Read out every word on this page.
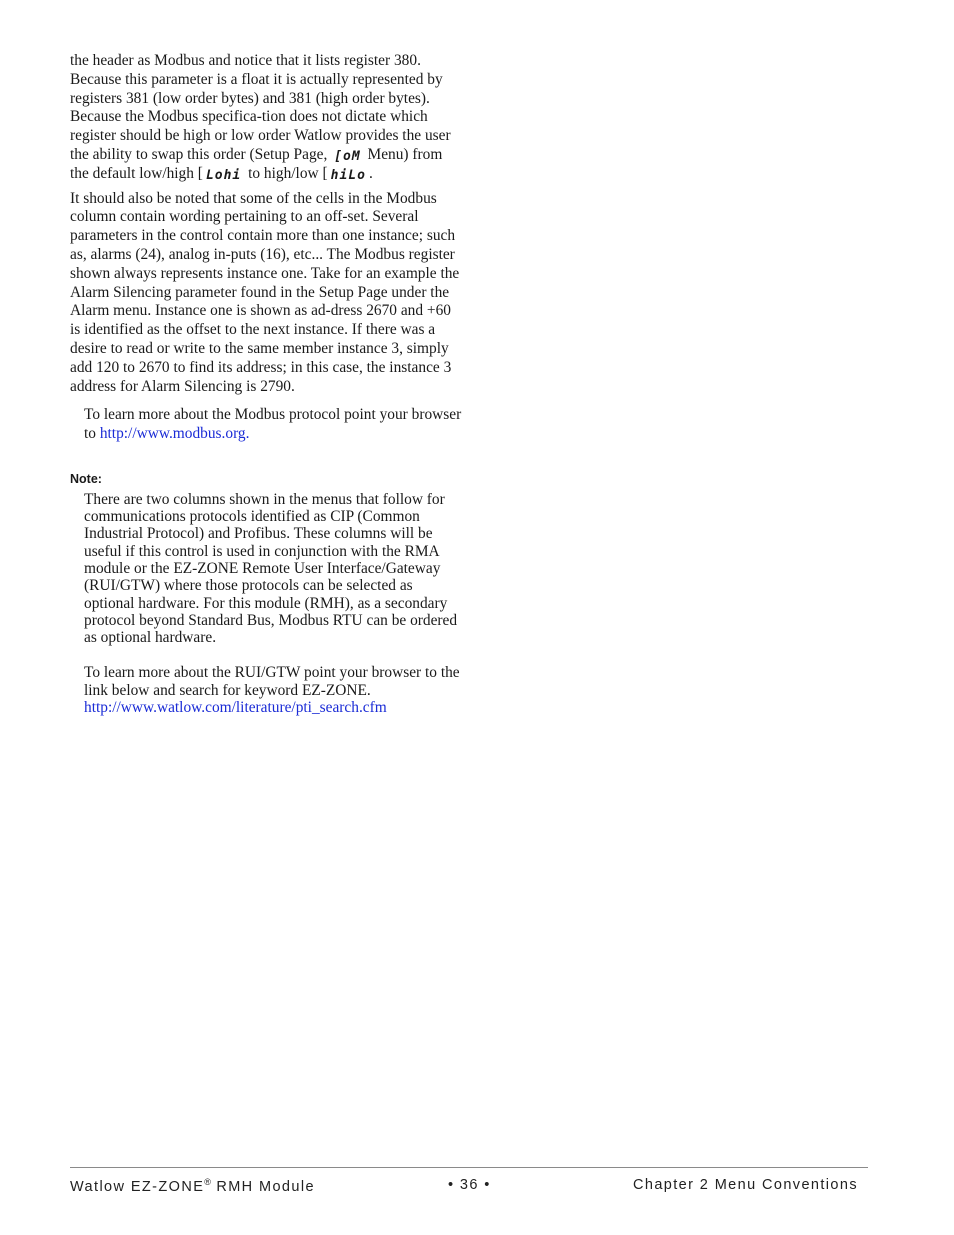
the header as Modbus and notice that it lists register 380. Because this parameter is a float it is actually represented by registers 381 (low order bytes) and 381 (high order bytes). Because the Modbus specifica-tion does not dictate which register should be high or low order Watlow provides the user the ability to swap this order (Setup Page, [oM Menu) from the default low/high [ Lohi to high/low [ hiLo .

It should also be noted that some of the cells in the Modbus column contain wording pertaining to an off-set. Several parameters in the control contain more than one instance; such as, alarms (24), analog in-puts (16), etc... The Modbus register shown always represents instance one. Take for an example the Alarm Silencing parameter found in the Setup Page under the Alarm menu. Instance one is shown as ad-dress 2670 and +60 is identified as the offset to the next instance. If there was a desire to read or write to the same member instance 3, simply add 120 to 2670 to find its address; in this case, the instance 3 address for Alarm Silencing is 2790.

To learn more about the Modbus protocol point your browser to http://www.modbus.org.

Note:
There are two columns shown in the menus that follow for communications protocols identified as CIP (Common Industrial Protocol) and Profibus. These columns will be useful if this control is used in conjunction with the RMA module or the EZ-ZONE Remote User Interface/Gateway (RUI/GTW) where those protocols can be selected as optional hardware. For this module (RMH), as a secondary protocol beyond Standard Bus, Modbus RTU can be ordered as optional hardware.
To learn more about the RUI/GTW point your browser to the link below and search for keyword EZ-ZONE.
http://www.watlow.com/literature/pti_search.cfm
Watlow EZ-ZONE® RMH Module	• 36 •	Chapter 2 Menu Conventions
